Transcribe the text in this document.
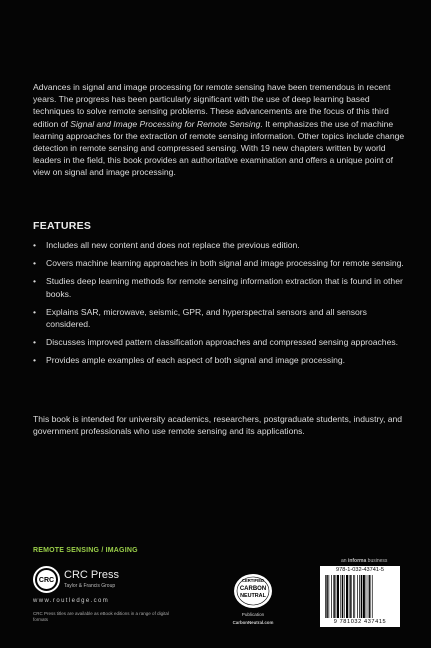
Advances in signal and image processing for remote sensing have been tremendous in recent years. The progress has been particularly significant with the use of deep learning based techniques to solve remote sensing problems. These advancements are the focus of this third edition of Signal and Image Processing for Remote Sensing. It emphasizes the use of machine learning approaches for the extraction of remote sensing information. Other topics include change detection in remote sensing and compressed sensing. With 19 new chapters written by world leaders in the field, this book provides an authoritative examination and offers a unique point of view on signal and image processing.

FEATURES
• Includes all new content and does not replace the previous edition.
• Covers machine learning approaches in both signal and image processing for remote sensing.
• Studies deep learning methods for remote sensing information extraction that is found in other books.
• Explains SAR, microwave, seismic, GPR, and hyperspectral sensors and all sensors considered.
• Discusses improved pattern classification approaches and compressed sensing approaches.
• Provides ample examples of each aspect of both signal and image processing.

This book is intended for university academics, researchers, postgraduate students, industry, and government professionals who use remote sensing and its applications.

REMOTE SENSING / IMAGING
CRC CRC Press
Taylor & Francis Group
www.routledge.com
CRC Press titles are available as eBook editions in a range of digital formats
CERTIFIED
CARBON
NEUTRAL
Publication
CarbonNeutral.com
an informa business
978-1-032-43741-5
9 781032 437415
